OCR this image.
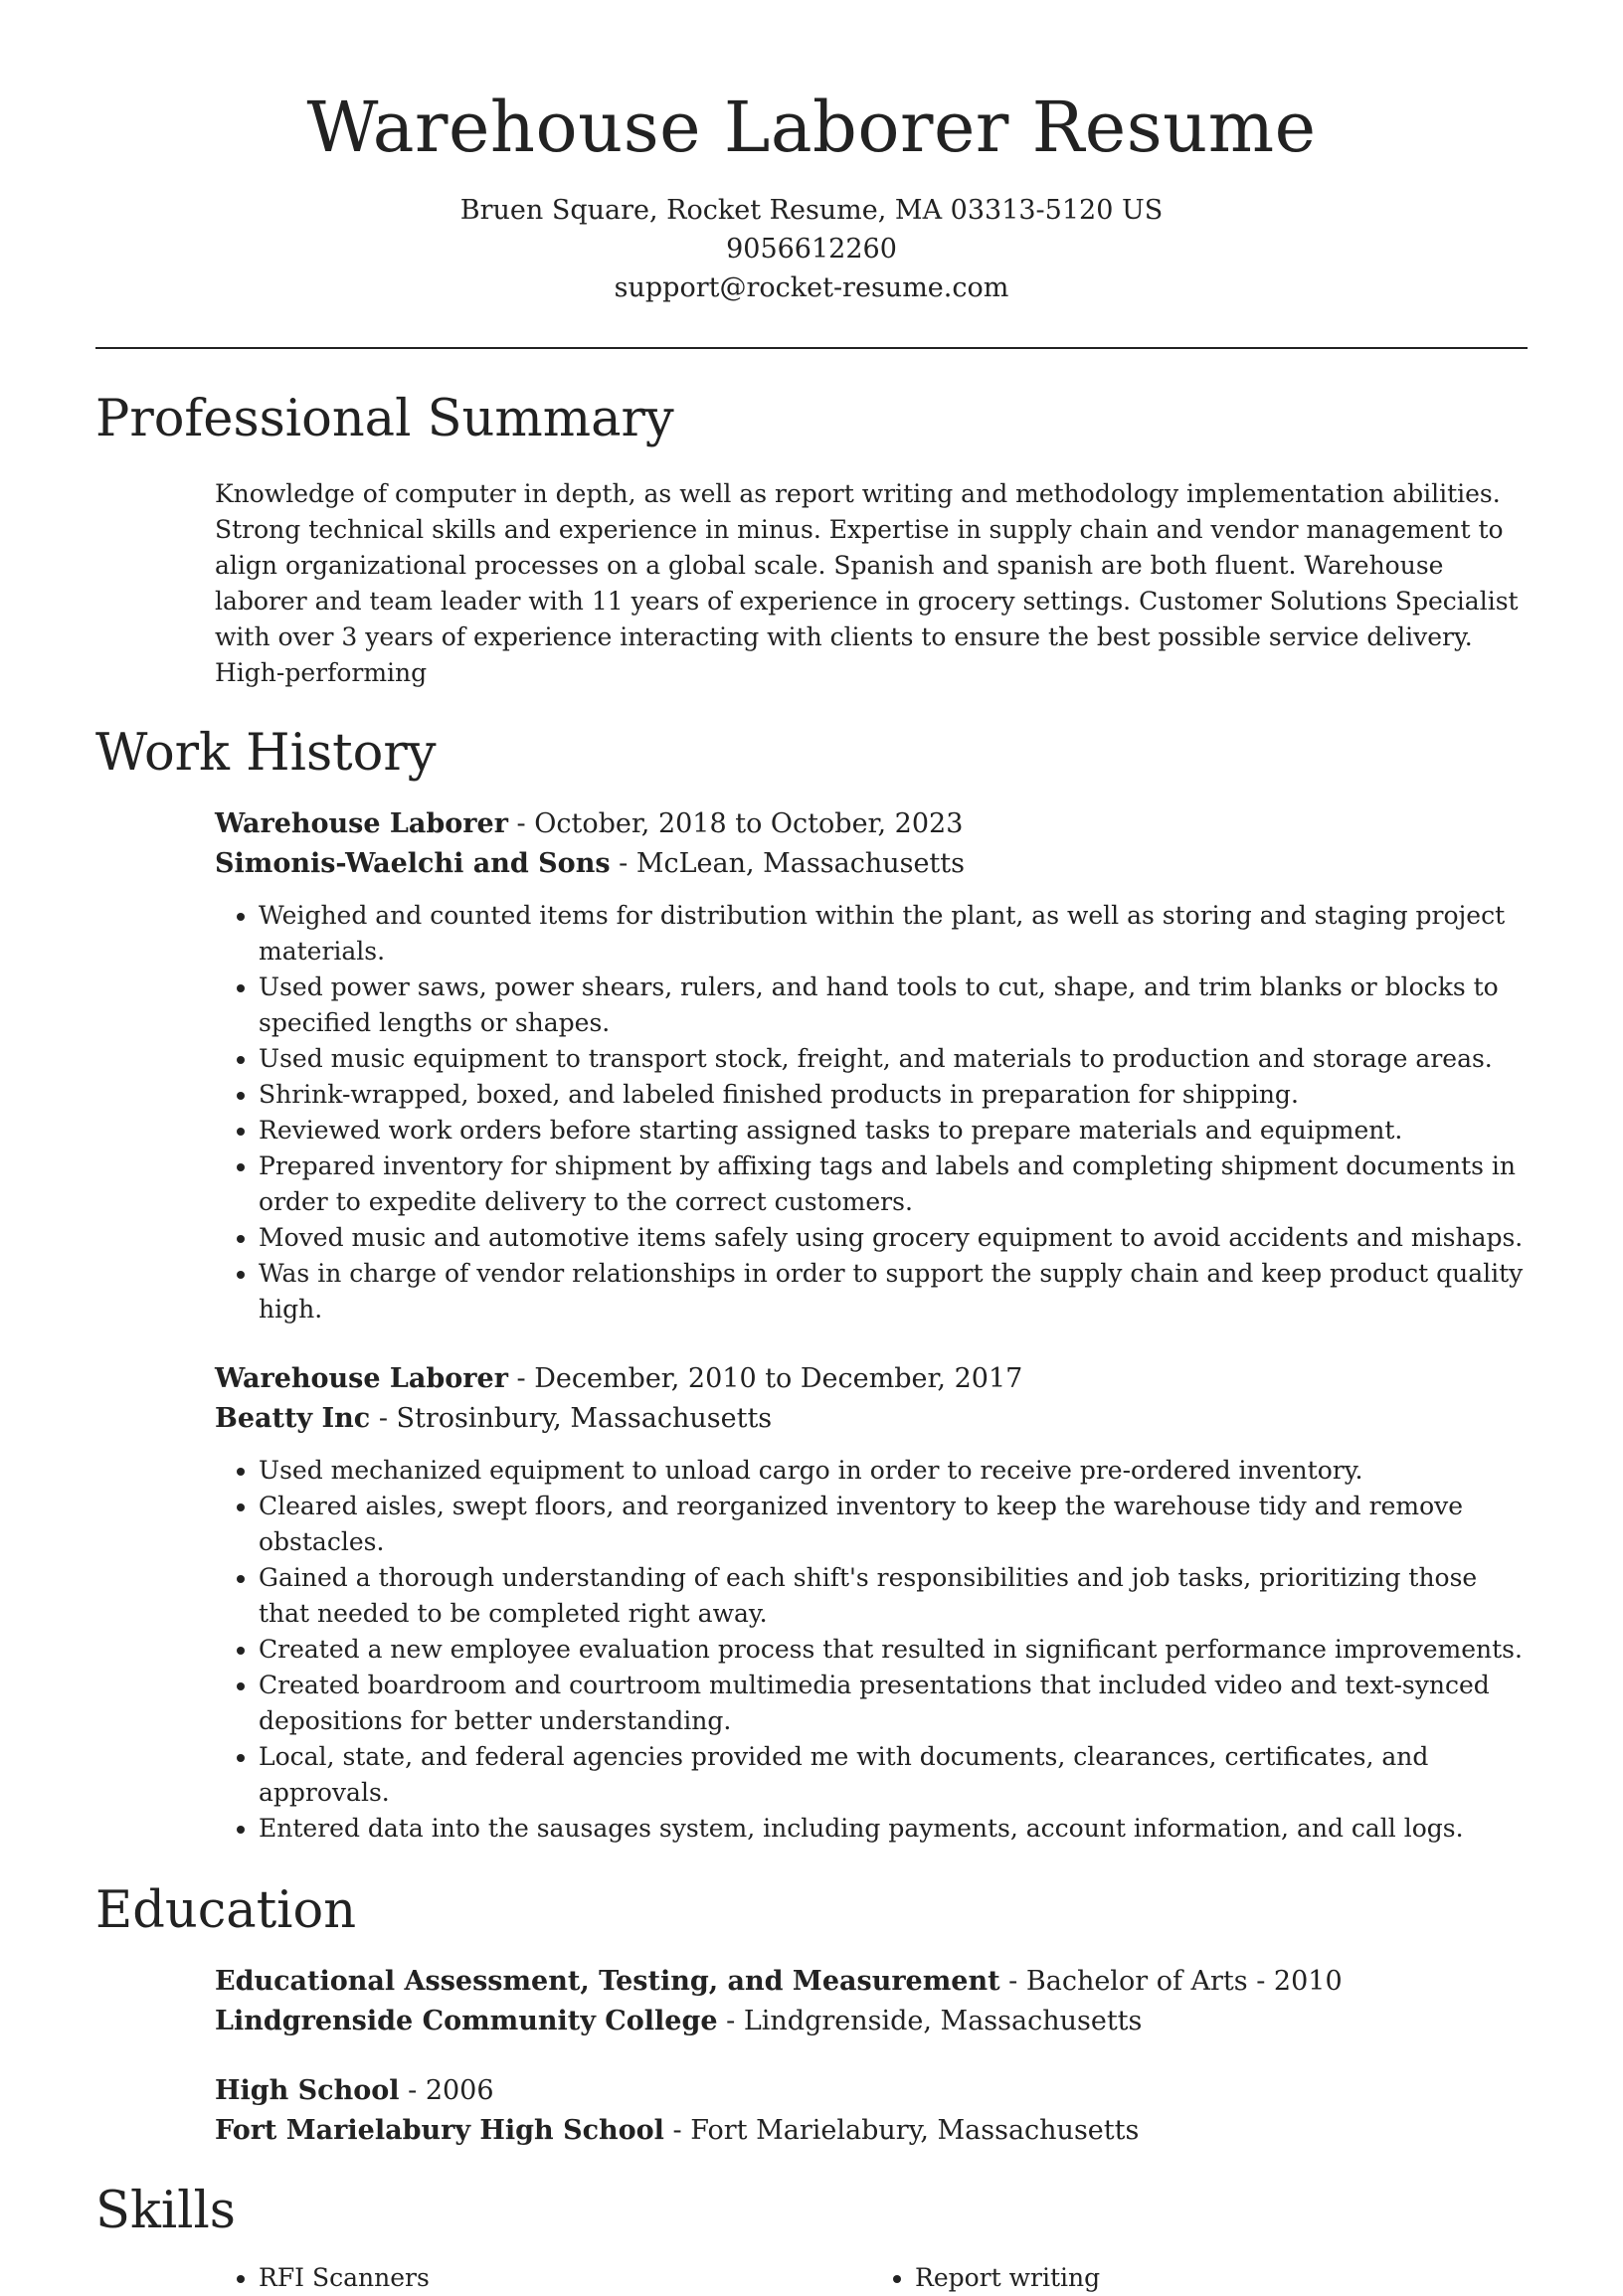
Warehouse Laborer Resume

Bruen Square, Rocket Resume, MA 03313-5120 US

9056612260

support@rocket-resume.com

Professional Summary

Knowledge of computer in depth, as well as report writing and methodology implementation abilities. Strong technical skills and experience in minus. Expertise in supply chain and vendor management to align organizational processes on a global scale. Spanish and spanish are both fluent. Warehouse laborer and team leader with 11 years of experience in grocery settings. Customer Solutions Specialist with over 3 years of experience interacting with clients to ensure the best possible service delivery. High-performing

Work History

Warehouse Laborer - October, 2018 to October, 2023

Simonis-Waelchi and Sons - McLean, Massachusetts

• Weighed and counted items for distribution within the plant, as well as storing and staging project materials.
• Used power saws, power shears, rulers, and hand tools to cut, shape, and trim blanks or blocks to specified lengths or shapes.
• Used music equipment to transport stock, freight, and materials to production and storage areas.
• Shrink-wrapped, boxed, and labeled finished products in preparation for shipping.
• Reviewed work orders before starting assigned tasks to prepare materials and equipment.
• Prepared inventory for shipment by affixing tags and labels and completing shipment documents in order to expedite delivery to the correct customers.
• Moved music and automotive items safely using grocery equipment to avoid accidents and mishaps.
• Was in charge of vendor relationships in order to support the supply chain and keep product quality high.

Warehouse Laborer - December, 2010 to December, 2017

Beatty Inc - Strosinbury, Massachusetts

• Used mechanized equipment to unload cargo in order to receive pre-ordered inventory.
• Cleared aisles, swept floors, and reorganized inventory to keep the warehouse tidy and remove obstacles.
• Gained a thorough understanding of each shift's responsibilities and job tasks, prioritizing those that needed to be completed right away.
• Created a new employee evaluation process that resulted in significant performance improvements.
• Created boardroom and courtroom multimedia presentations that included video and text-synced depositions for better understanding.
• Local, state, and federal agencies provided me with documents, clearances, certificates, and approvals.
• Entered data into the sausages system, including payments, account information, and call logs.
Education

Educational Assessment, Testing, and Measurement - Bachelor of Arts - 2010

Lindgrenside Community College - Lindgrenside, Massachusetts

High School - 2006

Fort Marielabury High School - Fort Marielabury, Massachusetts

Skills
• RFI Scanners
•	Report writing
